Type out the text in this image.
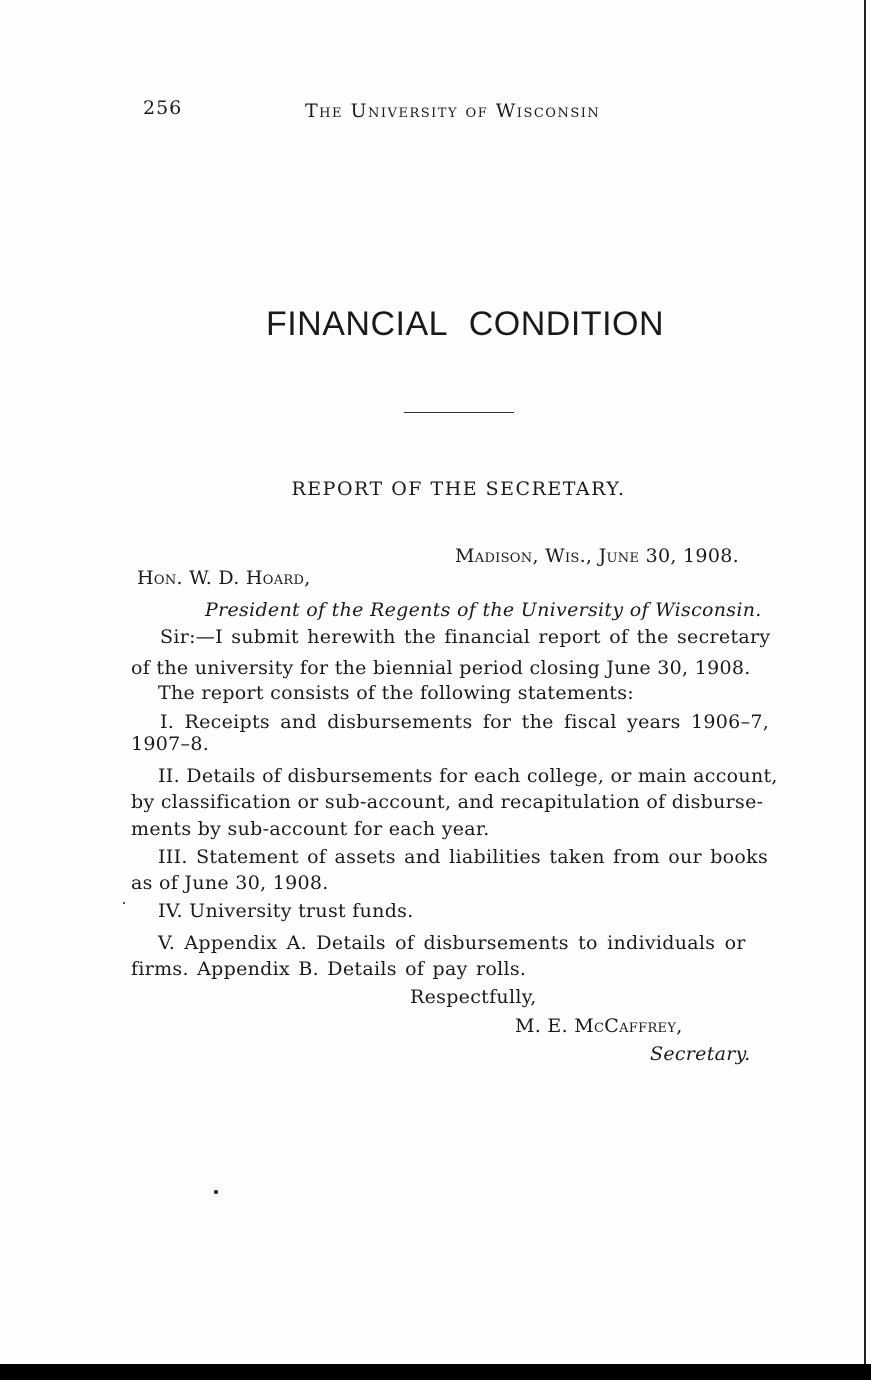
256	The University of Wisconsin
FINANCIAL CONDITION
REPORT OF THE SECRETARY.
Madison, Wis., June 30, 1908.
Hon. W. D. Hoard,
President of the Regents of the University of Wisconsin.
Sir:—I submit herewith the financial report of the secretary
of the university for the biennial period closing June 30, 1908.
The report consists of the following statements:
I. Receipts and disbursements for the fiscal years 1906–7,
1907–8.
II. Details of disbursements for each college, or main account,
by classification or sub-account, and recapitulation of disburse-
ments by sub-account for each year.
III. Statement of assets and liabilities taken from our books
as of June 30, 1908.
IV. University trust funds.
V. Appendix A. Details of disbursements to individuals or
firms. Appendix B. Details of pay rolls.
Respectfully,
M. E. McCaffrey,
Secretary.
